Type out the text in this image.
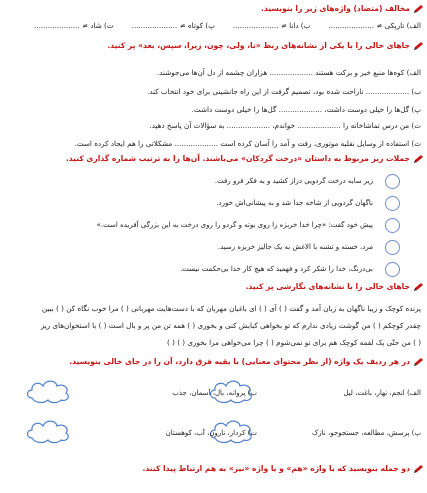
مخالف (متضاد) واژه‌های زیر را بنویسید.
الف) تاریکی ≠ ....................ب) دانا ≠ ....................پ) کوتاه ≠ ....................ت) شاد ≠ ....................
جاهای خالی را با یکی از نشانه‌های ربط «تا، ولی، چون، زیرا، سپس، بعد» پر کنید.
الف) کوه‌ها منبع خیر و برکت هستند ................... هزاران چشمه از دل آن‌ها می‌جوشند.
ب) ................... ناراحت شده بود، تصمیم گرفت از این راه جانشینی برای خود انتخاب کند.
پ) گل‌ها را خیلی دوست داشت، ................... گل‌ها را خیلی دوست داشت.
ت) من درس تماشاخانه را ................... خواندم، ................... به سؤالات آن پاسخ دهید.
ث) استفاده از وسایل نقلیه موتوری، رفت و آمد را آسان کرده است ................... مشکلاتی را هم ایجاد کرده است.
جملات زیر مربوط به داستان «درخت گردکان» می‌باشند. آن‌ها را به ترتیب شماره گذاری کنید.
زیر سایه درخت گردویی دراز کشید و به فکر فرو رفت.
ناگهان گردویی از شاخه جدا شد و به پیشانی‌اش خورد.
پیش خود گفت: «چرا خدا خربزه را روی بوته و گردو را روی درخت به این بزرگی آفریده است.»
مرد، خسته و تشنه با الاغش به یک جالیز خربزه رسید.
بی‌درنگ، خدا را شکر کرد و فهمید که هیچ کار خدا بی‌حکمت نیست.
جاهای خالی را با نشانه‌های نگارشی پر کنید.
پرنده کوچک و زیبا ناگهان به زبان آمد و گفت ( ) آی ( ) ای باغبان مهربان که با دست‌هایت مهربانی ( ) مرا خوب نگاه کن ( ) ببین
چقدر کوچکم ( ) من گوشت زیادی ندارم که تو بخواهی کبابش کنی و بخوری ( ) همه تن من پر و بال است ( ) با استخوان‌های ریز
( ) من حتّی یک لقمه کوچک هم برای تو نمی‌شوم ( ) چرا می‌خواهی مرا بخوری ( ) ( )
در هر ردیف یک واژه (از نظر محتوای معنایی) با بقیه فرق دارد، آن را در جای خالی بنویسید.
الف) انجم، نهار، باغت، لیل
ب) پروانه، بال، آسمان، جذب
پ) پرسش، مطالعه، جستجوجو، نازک
ت) کردار، نارون، آب، کوهستان
دو جمله بنویسید که با واژه «هم» و یا واژه «نیز» به هم ارتباط پیدا کنند.
